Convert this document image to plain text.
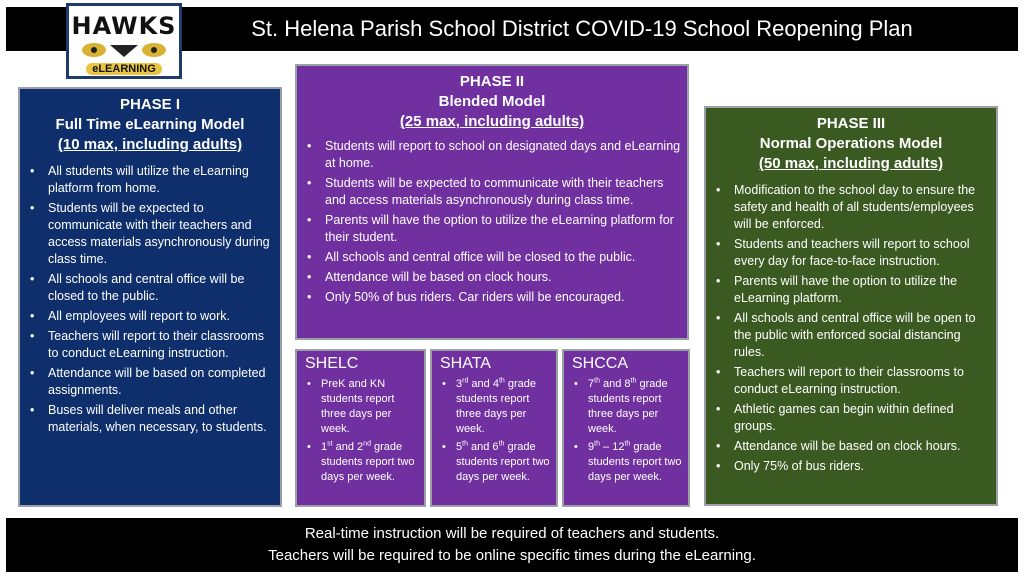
St. Helena Parish School District COVID-19 School Reopening Plan
HAWKS
eLEARNING
PHASE I
Full Time eLearning Model
(10 max, including adults)
• All students will utilize the eLearning platform from home.
• Students will be expected to communicate with their teachers and access materials asynchronously during class time.
• All schools and central office will be closed to the public.
• All employees will report to work.
• Teachers will report to their classrooms to conduct eLearning instruction.
• Attendance will be based on completed assignments.
• Buses will deliver meals and other materials, when necessary, to students.
PHASE II
Blended Model
(25 max, including adults)
• Students will report to school on designated days and eLearning at home.
• Students will be expected to communicate with their teachers and access materials asynchronously during class time.
• Parents will have the option to utilize the eLearning platform for their student.
• All schools and central office will be closed to the public.
• Attendance will be based on clock hours.
• Only 50% of bus riders. Car riders will be encouraged.
SHELC
• PreK and KN students report three days per week.
• 1st and 2nd grade students report two days per week.
SHATA
• 3rd and 4th grade students report three days per week.
• 5th and 6th grade students report two days per week.
SHCCA
• 7th and 8th grade students report three days per week.
• 9th – 12th grade students report two days per week.
PHASE III
Normal Operations Model
(50 max, including adults)
• Modification to the school day to ensure the safety and health of all students/employees will be enforced.
• Students and teachers will report to school every day for face-to-face instruction.
• Parents will have the option to utilize the eLearning platform.
• All schools and central office will be open to the public with enforced social distancing rules.
• Teachers will report to their classrooms to conduct eLearning instruction.
• Athletic games can begin within defined groups.
• Attendance will be based on clock hours.
• Only 75% of bus riders.
Real-time instruction will be required of teachers and students.
Teachers will be required to be online specific times during the eLearning.
